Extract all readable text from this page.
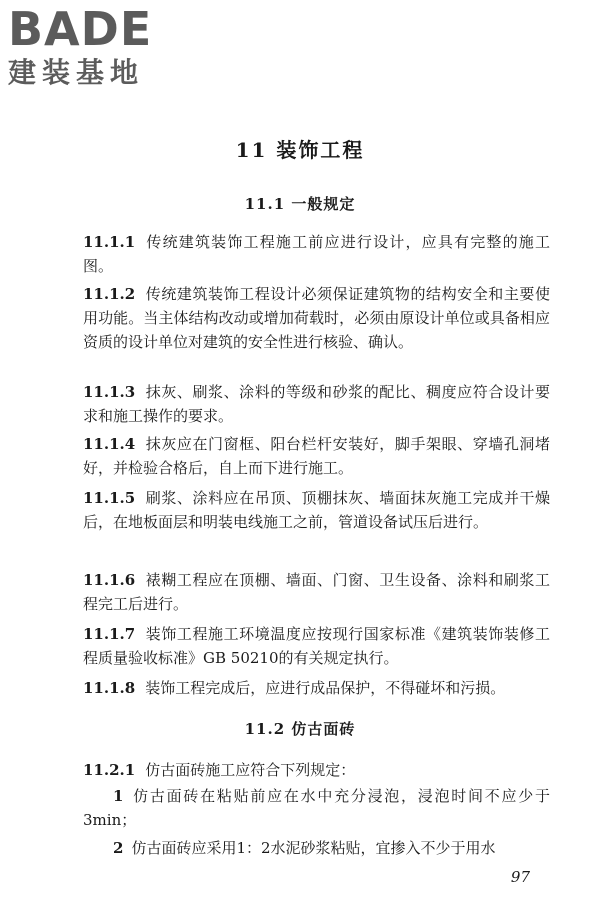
BADE
建装基地
11 装饰工程
11.1 一般规定
11.1.1 传统建筑装饰工程施工前应进行设计，应具有完整的施工图。
11.1.2 传统建筑装饰工程设计必须保证建筑物的结构安全和主要使用功能。当主体结构改动或增加荷载时，必须由原设计单位或具备相应资质的设计单位对建筑的安全性进行核验、确认。
11.1.3 抹灰、刷浆、涂料的等级和砂浆的配比、稠度应符合设计要求和施工操作的要求。
11.1.4 抹灰应在门窗框、阳台栏杆安装好，脚手架眼、穿墙孔洞堵好，并检验合格后，自上而下进行施工。
11.1.5 刷浆、涂料应在吊顶、顶棚抹灰、墙面抹灰施工完成并干燥后，在地板面层和明装电线施工之前，管道设备试压后进行。
11.1.6 裱糊工程应在顶棚、墙面、门窗、卫生设备、涂料和刷浆工程完工后进行。
11.1.7 装饰工程施工环境温度应按现行国家标准《建筑装饰装修工程质量验收标准》GB 50210的有关规定执行。
11.1.8 装饰工程完成后，应进行成品保护，不得碰坏和污损。
11.2 仿古面砖
11.2.1 仿古面砖施工应符合下列规定：
1 仿古面砖在粘贴前应在水中充分浸泡，浸泡时间不应少于3min；
2 仿古面砖应采用1：2水泥砂浆粘贴，宜掺入不少于用水
97
